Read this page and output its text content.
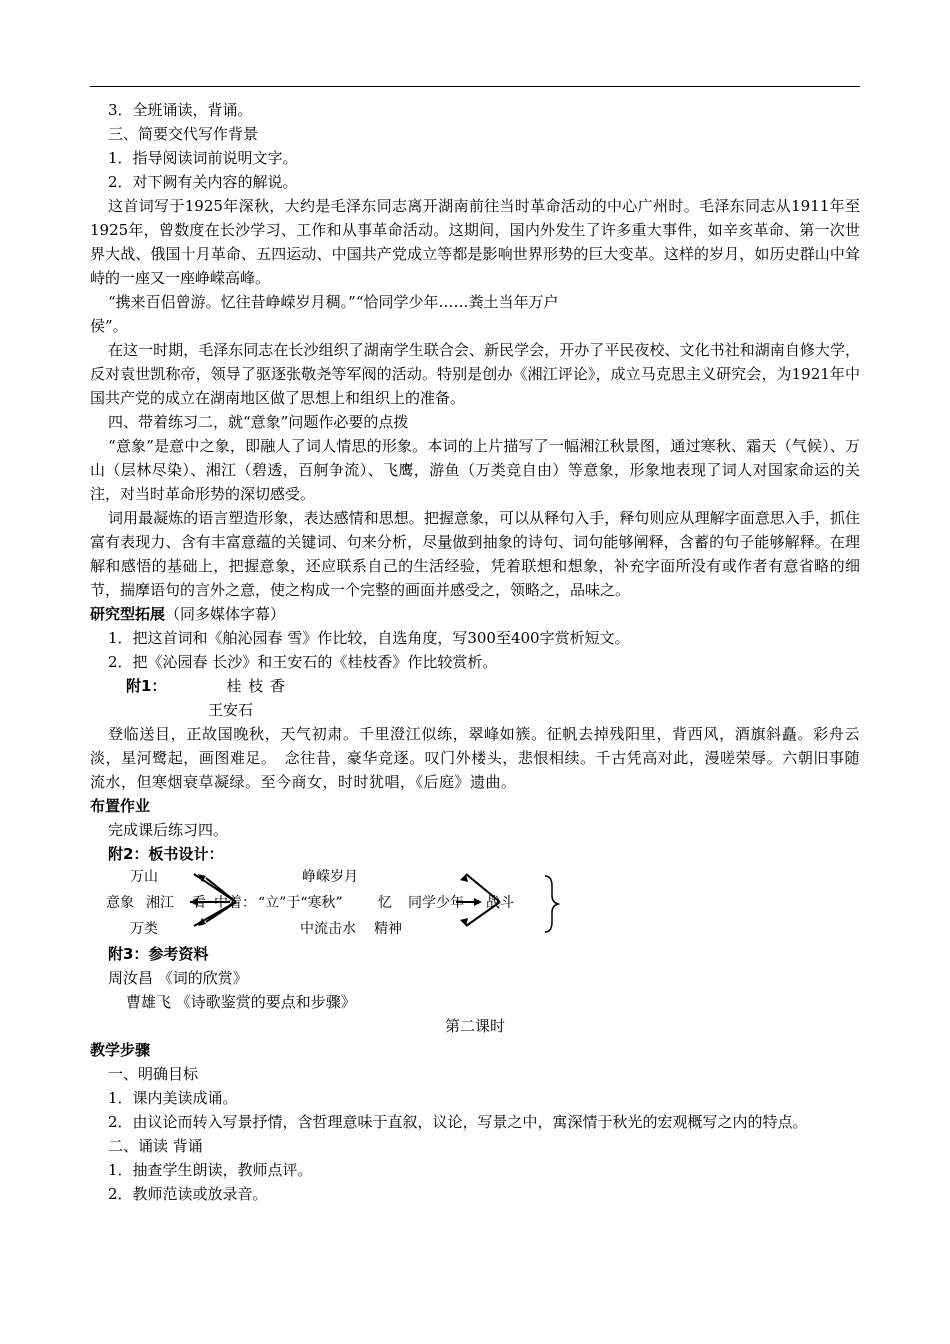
3．全班诵读，背诵。

三、简要交代写作背景

1．指导阅读词前说明文字。

2．对下阙有关内容的解说。

这首词写于1925年深秋，大约是毛泽东同志离开湖南前往当时革命活动的中心广州时。毛泽东同志从1911年至1925年，曾数度在长沙学习、工作和从事革命活动。这期间，国内外发生了许多重大事件，如辛亥革命、第一次世界大战、俄国十月革命、五四运动、中国共产党成立等都是影响世界形势的巨大变革。这样的岁月，如历史群山中耸峙的一座又一座峥嵘高峰。

“携来百侣曾游。忆往昔峥嵘岁月稠。”“恰同学少年……粪土当年万户

侯”。

在这一时期，毛泽东同志在长沙组织了湖南学生联合会、新民学会，开办了平民夜校、文化书社和湖南自修大学，反对袁世凯称帝，领导了驱逐张敬尧等军阀的活动。特别是创办《湘江评论》，成立马克思主义研究会，为1921年中国共产党的成立在湖南地区做了思想上和组织上的准备。

四、带着练习二，就“意象”问题作必要的点拨

“意象”是意中之象，即融人了词人情思的形象。本词的上片描写了一幅湘江秋景图，通过寒秋、霜天（气候）、万山（层林尽染）、湘江（碧透，百舸争流）、飞鹰，游鱼（万类竞自由）等意象，形象地表现了词人对国家命运的关注，对当时革命形势的深切感受。

词用最凝炼的语言塑造形象，表达感情和思想。把握意象，可以从释句入手，释句则应从理解字面意思入手，抓住富有表现力、含有丰富意蕴的关键词、句来分析，尽量做到抽象的诗句、词句能够阐释，含蓄的句子能够解释。在理解和感悟的基础上，把握意象，还应联系自己的生活经验，凭着联想和想象，补充字面所没有或作者有意省略的细节，揣摩语句的言外之意，使之构成一个完整的画面并感受之，领略之，品味之。

研究型拓展（同多媒体字幕）

1．把这首词和《舶沁园春 雪》作比较，自选角度，写300至400字赏析短文。

2．把《沁园春 长沙》和王安石的《桂枝香》作比较赏析。

附1：	桂 枝 香

王安石

登临送目，正故国晚秋，天气初肃。千里澄江似练，翠峰如簇。征帆去掉残阳里，背西风，酒旗斜矗。彩舟云淡，星河鹭起，画图难足。　念往昔，豪华竞逐。叹门外楼头，悲恨相续。千古凭高对此，漫嗟荣辱。六朝旧事随流水，但寒烟衰草凝绿。至今商女，时时犹唱，《后庭》遗曲。

布置作业

完成课后练习四。

附2：板书设计：

万山
意象 湘江 看 中着： “立”于“寒秋”	忆 同学少年 战斗
万类
峥嵘岁月
中流击水 精神

附3：参考资料

周汝昌 《词的欣赏》

曹雄飞 《诗歌鉴赏的要点和步骤》

第二课时

教学步骤

一、明确目标

1．课内美读成诵。

2．由议论而转入写景抒情，含哲理意味于直叙，议论，写景之中，寓深情于秋光的宏观概写之内的特点。

二、诵读 背诵

1．抽查学生朗读，教师点评。

2．教师范读或放录音。
